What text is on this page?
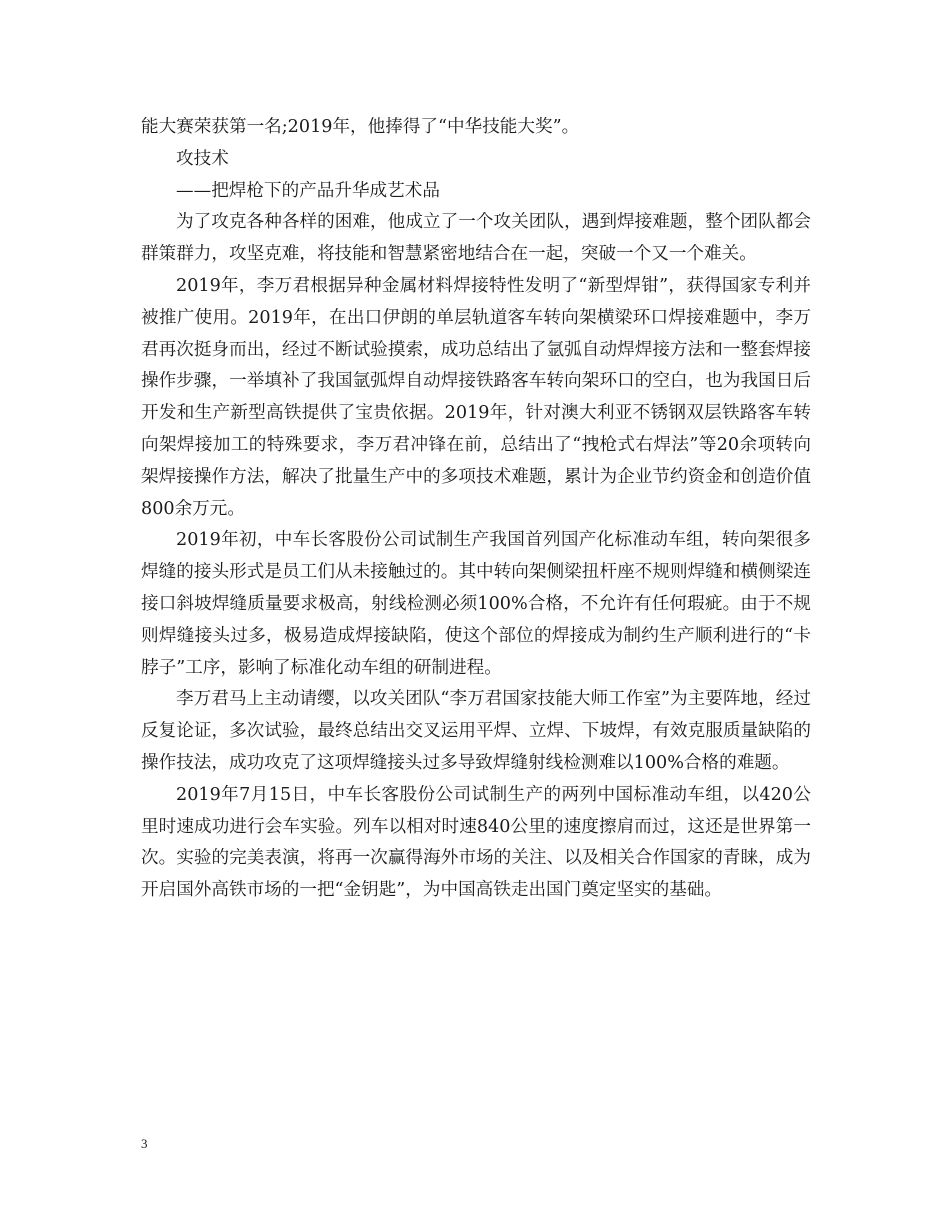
能大赛荣获第一名;2019年，他捧得了“中华技能大奖”。

攻技术

——把焊枪下的产品升华成艺术品

为了攻克各种各样的困难，他成立了一个攻关团队，遇到焊接难题，整个团队都会群策群力，攻坚克难，将技能和智慧紧密地结合在一起，突破一个又一个难关。

2019年，李万君根据异种金属材料焊接特性发明了“新型焊钳”，获得国家专利并被推广使用。2019年，在出口伊朗的单层轨道客车转向架横梁环口焊接难题中，李万君再次挺身而出，经过不断试验摸索，成功总结出了氩弧自动焊焊接方法和一整套焊接操作步骤，一举填补了我国氩弧焊自动焊接铁路客车转向架环口的空白，也为我国日后开发和生产新型高铁提供了宝贵依据。2019年，针对澳大利亚不锈钢双层铁路客车转向架焊接加工的特殊要求，李万君冲锋在前，总结出了“拽枪式右焊法”等20余项转向架焊接操作方法，解决了批量生产中的多项技术难题，累计为企业节约资金和创造价值800余万元。

2019年初，中车长客股份公司试制生产我国首列国产化标准动车组，转向架很多焊缝的接头形式是员工们从未接触过的。其中转向架侧梁扭杆座不规则焊缝和横侧梁连接口斜坡焊缝质量要求极高，射线检测必须100%合格，不允许有任何瑕疵。由于不规则焊缝接头过多，极易造成焊接缺陷，使这个部位的焊接成为制约生产顺利进行的“卡脖子”工序，影响了标准化动车组的研制进程。

李万君马上主动请缨，以攻关团队“李万君国家技能大师工作室”为主要阵地，经过反复论证，多次试验，最终总结出交叉运用平焊、立焊、下坡焊，有效克服质量缺陷的操作技法，成功攻克了这项焊缝接头过多导致焊缝射线检测难以100%合格的难题。

2019年7月15日，中车长客股份公司试制生产的两列中国标准动车组，以420公里时速成功进行会车实验。列车以相对时速840公里的速度擦肩而过，这还是世界第一次。实验的完美表演，将再一次赢得海外市场的关注、以及相关合作国家的青睐，成为开启国外高铁市场的一把“金钥匙”，为中国高铁走出国门奠定坚实的基础。

3
